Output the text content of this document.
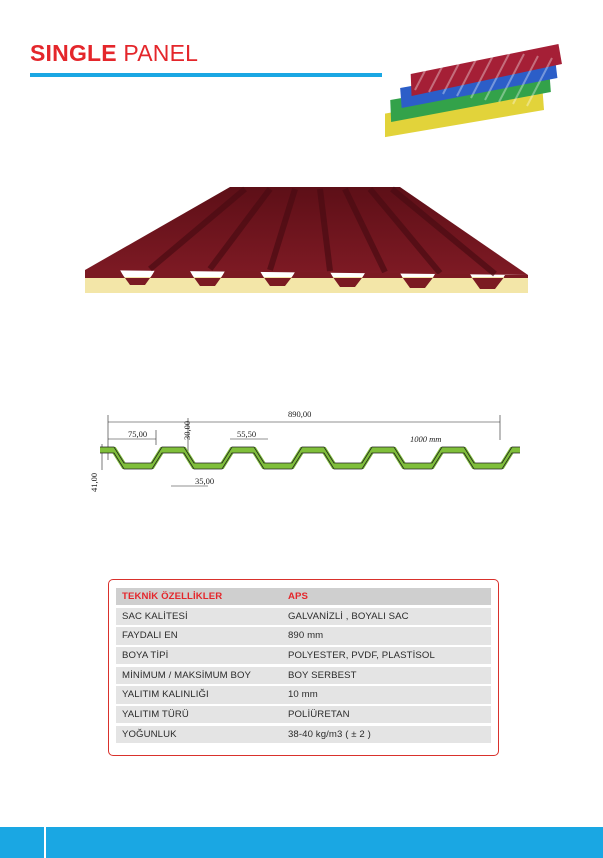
SINGLE PANEL
890,00
75,00	30,00	55,50	1000 mm
41,00	35,00
TEKNİK ÖZELLİKLER	APS
SAC KALİTESİ	GALVANİZLİ , BOYALI SAC
FAYDALI EN	890 mm
BOYA TİPİ	POLYESTER, PVDF, PLASTİSOL
MİNİMUM / MAKSİMUM BOY	BOY SERBEST
YALITIM KALINLIĞI	10 mm
YALITIM TÜRÜ	POLİÜRETAN
YOĞUNLUK	38-40 kg/m3 ( ± 2 )
